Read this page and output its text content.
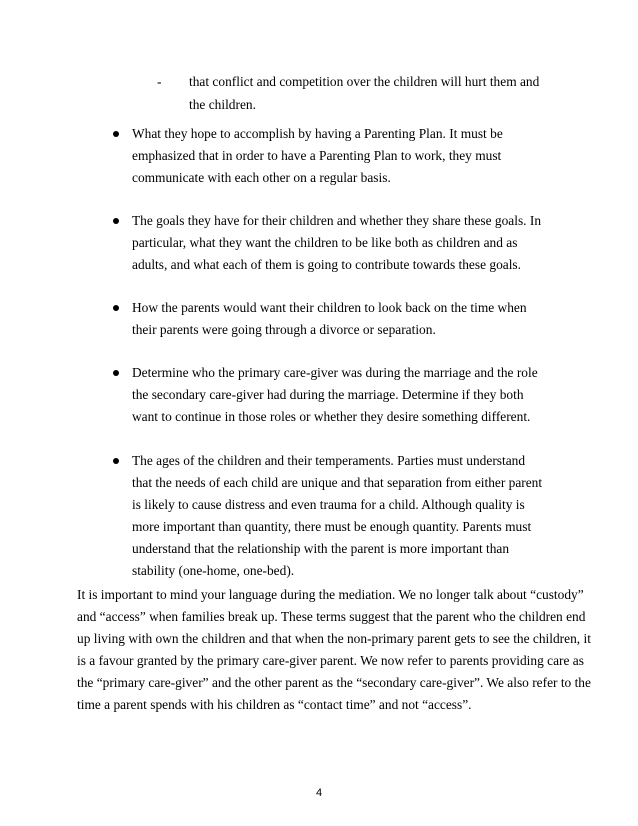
- that conflict and competition over the children will hurt them and
the children.
What they hope to accomplish by having a Parenting Plan. It must be
emphasized that in order to have a Parenting Plan to work, they must
communicate with each other on a regular basis.
The goals they have for their children and whether they share these goals. In
particular, what they want the children to be like both as children and as
adults, and what each of them is going to contribute towards these goals.
How the parents would want their children to look back on the time when
their parents were going through a divorce or separation.
Determine who the primary care-giver was during the marriage and the role
the secondary care-giver had during the marriage. Determine if they both
want to continue in those roles or whether they desire something different.
The ages of the children and their temperaments. Parties must understand
that the needs of each child are unique and that separation from either parent
is likely to cause distress and even trauma for a child. Although quality is
more important than quantity, there must be enough quantity. Parents must
understand that the relationship with the parent is more important than
stability (one-home, one-bed).
It is important to mind your language during the mediation. We no longer talk about “custody”
and “access” when families break up. These terms suggest that the parent who the children end
up living with own the children and that when the non-primary parent gets to see the children, it
is a favour granted by the primary care-giver parent. We now refer to parents providing care as
the “primary care-giver” and the other parent as the “secondary care-giver”. We also refer to the
time a parent spends with his children as “contact time” and not “access”.
4
